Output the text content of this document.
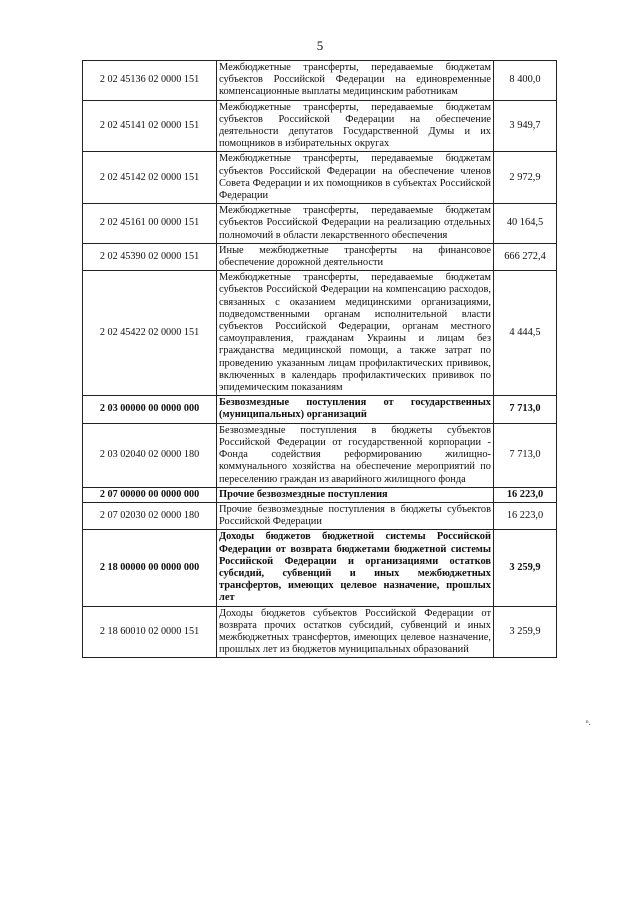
5
2 02 45136 02 0000 151	Межбюджетные трансферты, передаваемые бюджетам субъектов Российской Федерации на единовременные компенсационные выплаты медицинским работникам	8 400,0
2 02 45141 02 0000 151	Межбюджетные трансферты, передаваемые бюджетам субъектов Российской Федерации на обеспечение деятельности депутатов Государственной Думы и их помощников в избирательных округах	3 949,7
2 02 45142 02 0000 151	Межбюджетные трансферты, передаваемые бюджетам субъектов Российской Федерации на обеспечение членов Совета Федерации и их помощников в субъектах Российской Федерации	2 972,9
2 02 45161 00 0000 151	Межбюджетные трансферты, передаваемые бюджетам субъектов Российской Федерации на реализацию отдельных полномочий в области лекарственного обеспечения	40 164,5
2 02 45390 02 0000 151	Иные межбюджетные трансферты на финансовое обеспечение дорожной деятельности	666 272,4
2 02 45422 02 0000 151	Межбюджетные трансферты, передаваемые бюджетам субъектов Российской Федерации на компенсацию расходов, связанных с оказанием медицинскими организациями, подведомственными органам исполнительной власти субъектов Российской Федерации, органам местного самоуправления, гражданам Украины и лицам без гражданства медицинской помощи, а также затрат по проведению указанным лицам профилактических прививок, включенных в календарь профилактических прививок по эпидемическим показаниям	4 444,5
2 03 00000 00 0000 000	Безвозмездные поступления от государственных (муниципальных) организаций	7 713,0
2 03 02040 02 0000 180	Безвозмездные поступления в бюджеты субъектов Российской Федерации от государственной корпорации - Фонда содействия реформированию жилищно-коммунального хозяйства на обеспечение мероприятий по переселению граждан из аварийного жилищного фонда	7 713,0
2 07 00000 00 0000 000	Прочие безвозмездные поступления	16 223,0
2 07 02030 02 0000 180	Прочие безвозмездные поступления в бюджеты субъектов Российской Федерации	16 223,0
2 18 00000 00 0000 000	Доходы бюджетов бюджетной системы Российской Федерации от возврата бюджетами бюджетной системы Российской Федерации и организациями остатков субсидий, субвенций и иных межбюджетных трансфертов, имеющих целевое назначение, прошлых лет	3 259,9
2 18 60010 02 0000 151	Доходы бюджетов субъектов Российской Федерации от возврата прочих остатков субсидий, субвенций и иных межбюджетных трансфертов, имеющих целевое назначение, прошлых лет из бюджетов муниципальных образований	3 259,9
ⁿ.
